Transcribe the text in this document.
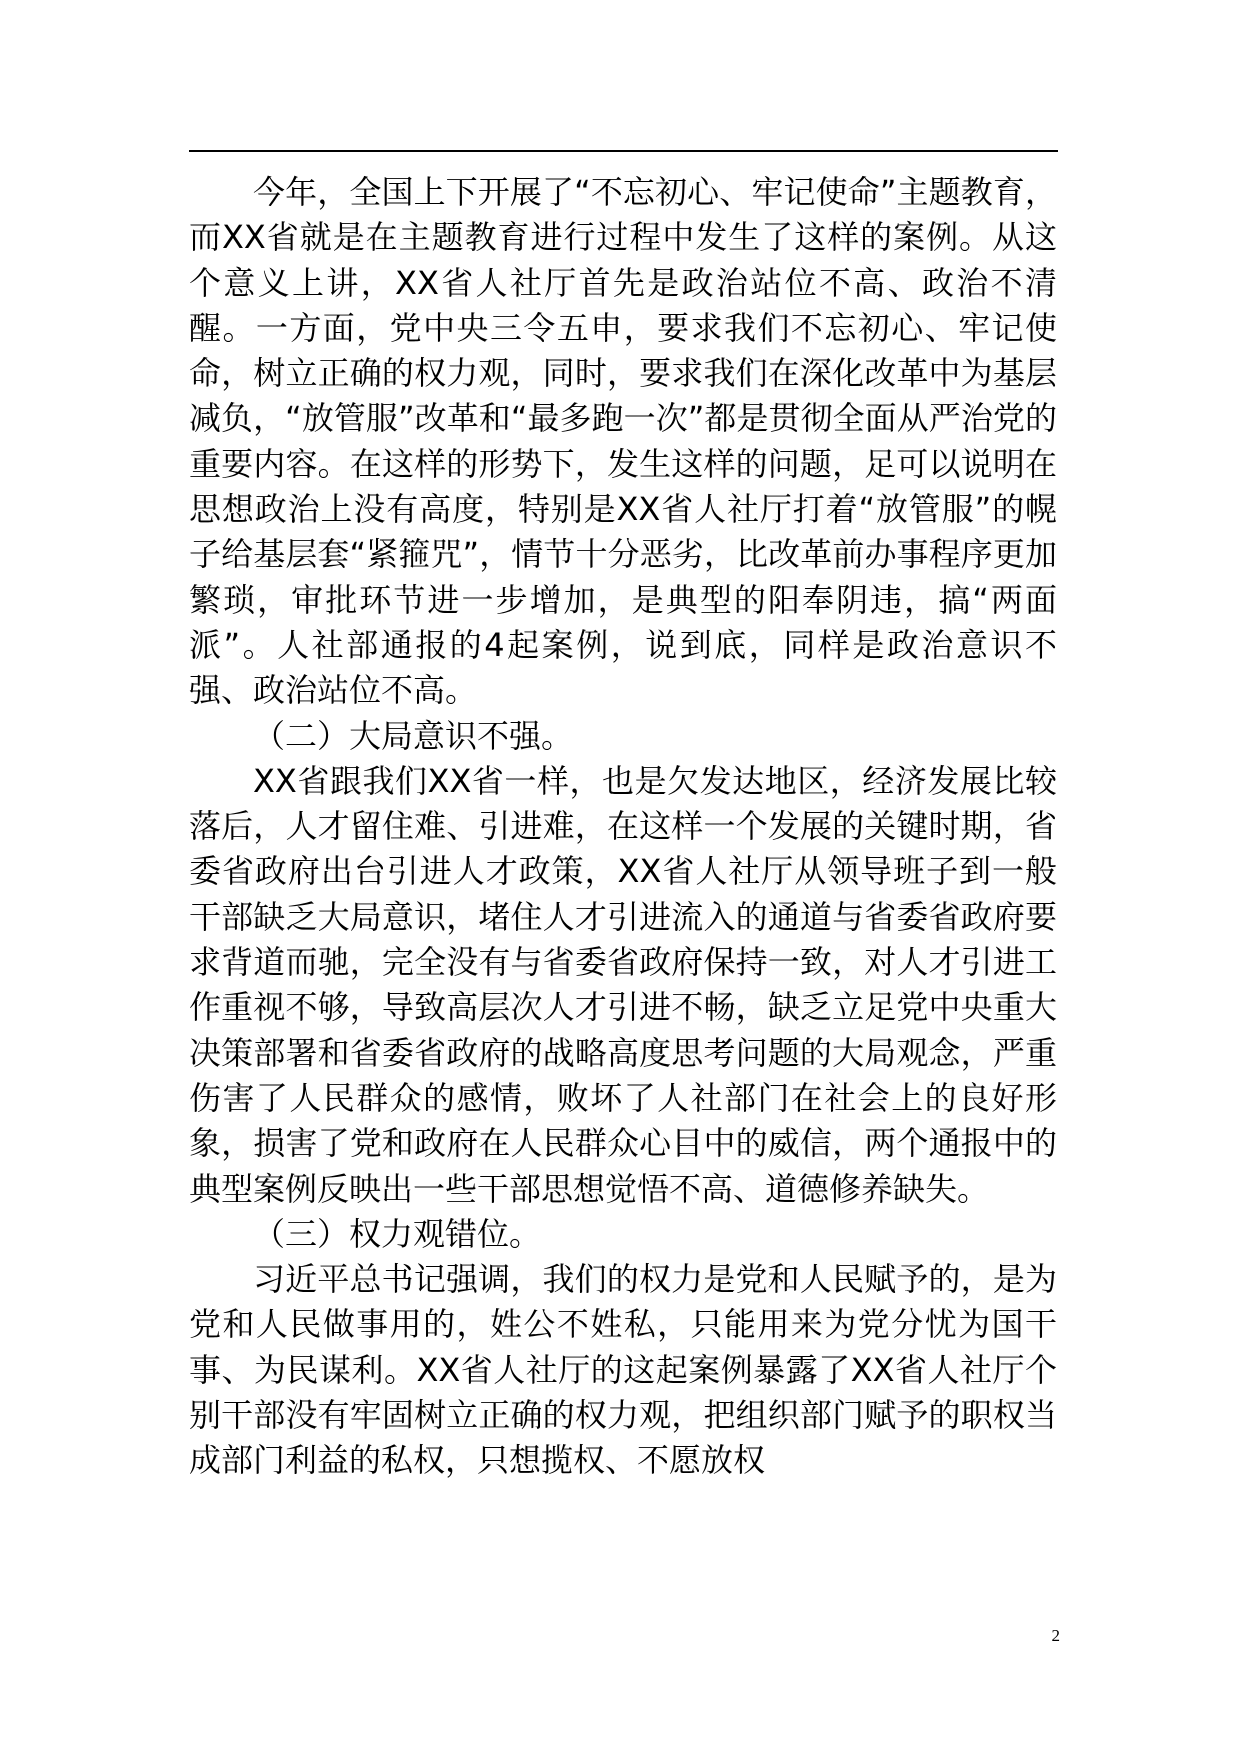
今年，全国上下开展了“不忘初心、牢记使命”主题教育，而XX省就是在主题教育进行过程中发生了这样的案例。从这个意义上讲，XX省人社厅首先是政治站位不高、政治不清醒。一方面，党中央三令五申，要求我们不忘初心、牢记使命，树立正确的权力观，同时，要求我们在深化改革中为基层减负，“放管服”改革和“最多跑一次”都是贯彻全面从严治党的重要内容。在这样的形势下，发生这样的问题，足可以说明在思想政治上没有高度，特别是XX省人社厅打着“放管服”的幌子给基层套“紧箍咒”，情节十分恶劣，比改革前办事程序更加繁琐，审批环节进一步增加，是典型的阳奉阴违，搞“两面派”。人社部通报的4起案例，说到底，同样是政治意识不强、政治站位不高。

（二）大局意识不强。

XX省跟我们XX省一样，也是欠发达地区，经济发展比较落后，人才留住难、引进难，在这样一个发展的关键时期，省委省政府出台引进人才政策，XX省人社厅从领导班子到一般干部缺乏大局意识，堵住人才引进流入的通道与省委省政府要求背道而驰，完全没有与省委省政府保持一致，对人才引进工作重视不够，导致高层次人才引进不畅，缺乏立足党中央重大决策部署和省委省政府的战略高度思考问题的大局观念，严重伤害了人民群众的感情，败坏了人社部门在社会上的良好形象，损害了党和政府在人民群众心目中的威信，两个通报中的典型案例反映出一些干部思想觉悟不高、道德修养缺失。

（三）权力观错位。

习近平总书记强调，我们的权力是党和人民赋予的，是为党和人民做事用的，姓公不姓私，只能用来为党分忧为国干事、为民谋利。XX省人社厅的这起案例暴露了XX省人社厅个别干部没有牢固树立正确的权力观，把组织部门赋予的职权当成部门利益的私权，只想揽权、不愿放权

2
